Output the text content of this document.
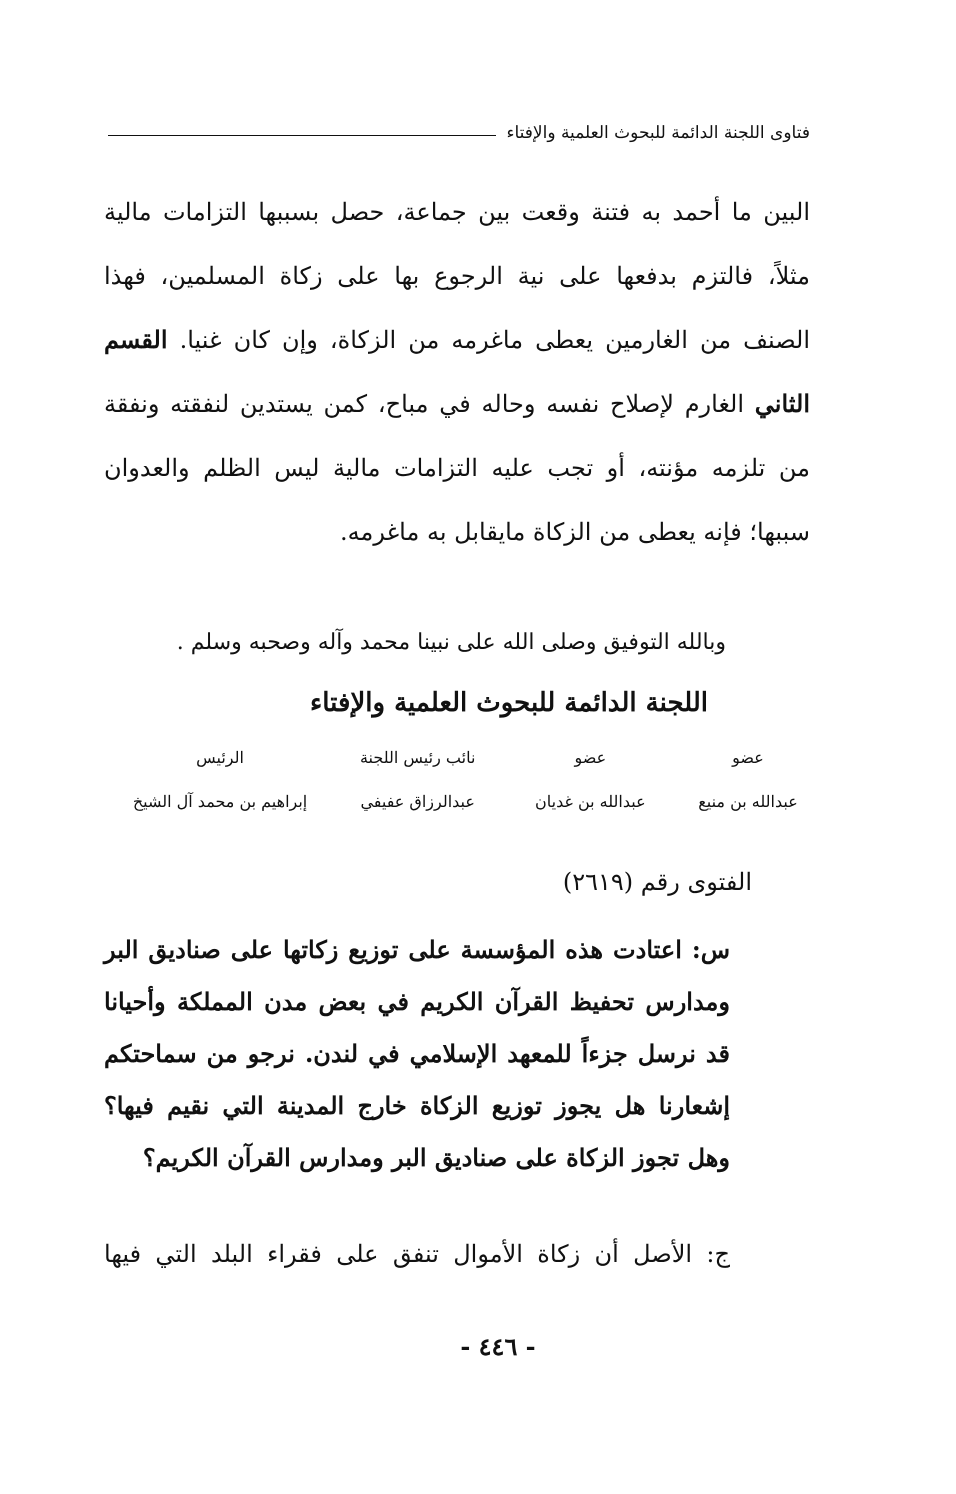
فتاوى اللجنة الدائمة للبحوث العلمية والإفتاء

البين ما أحمد به فتنة وقعت بين جماعة، حصل بسببها التزامات مالية مثلاً، فالتزم بدفعها على نية الرجوع بها على زكاة المسلمين، فهذا الصنف من الغارمين يعطى ماغرمه من الزكاة، وإن كان غنيا. القسم الثاني الغارم لإصلاح نفسه وحاله في مباح، كمن يستدين لنفقته ونفقة من تلزمه مؤنته، أو تجب عليه التزامات مالية ليس الظلم والعدوان سببها؛ فإنه يعطى من الزكاة مايقابل به ماغرمه.

وبالله التوفيق وصلى الله على نبينا محمد وآله وصحبه وسلم .
اللجنة الدائمة للبحوث العلمية والإفتاء
عضو
عضو
نائب رئيس اللجنة
الرئيس
عبدالله بن منيع
عبدالله بن غديان
عبدالرزاق عفيفي
إبراهيم بن محمد آل الشيخ
الفتوى رقم (٢٦١٩)
س: اعتادت هذه المؤسسة على توزيع زكاتها على صناديق البر ومدارس تحفيظ القرآن الكريم في بعض مدن المملكة وأحيانا قد نرسل جزءاً للمعهد الإسلامي في لندن. نرجو من سماحتكم إشعارنا هل يجوز توزيع الزكاة خارج المدينة التي نقيم فيها؟ وهل تجوز الزكاة على صناديق البر ومدارس القرآن الكريم؟
ج: الأصل أن زكاة الأموال تنفق على فقراء البلد التي فيها
- ٤٤٦ -
